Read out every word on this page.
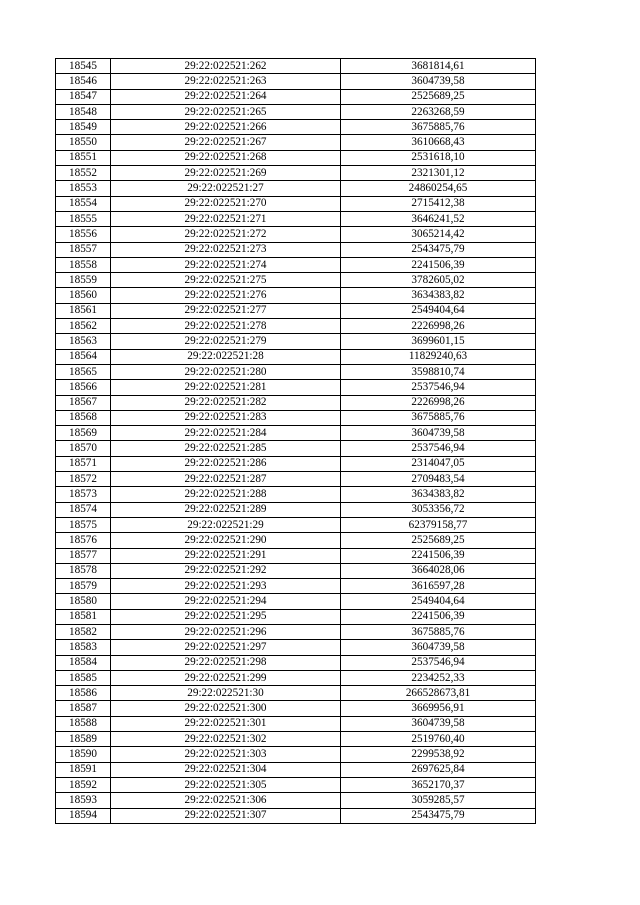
18545	29:22:022521:262	3681814,61
18546	29:22:022521:263	3604739,58
18547	29:22:022521:264	2525689,25
18548	29:22:022521:265	2263268,59
18549	29:22:022521:266	3675885,76
18550	29:22:022521:267	3610668,43
18551	29:22:022521:268	2531618,10
18552	29:22:022521:269	2321301,12
18553	29:22:022521:27	24860254,65
18554	29:22:022521:270	2715412,38
18555	29:22:022521:271	3646241,52
18556	29:22:022521:272	3065214,42
18557	29:22:022521:273	2543475,79
18558	29:22:022521:274	2241506,39
18559	29:22:022521:275	3782605,02
18560	29:22:022521:276	3634383,82
18561	29:22:022521:277	2549404,64
18562	29:22:022521:278	2226998,26
18563	29:22:022521:279	3699601,15
18564	29:22:022521:28	11829240,63
18565	29:22:022521:280	3598810,74
18566	29:22:022521:281	2537546,94
18567	29:22:022521:282	2226998,26
18568	29:22:022521:283	3675885,76
18569	29:22:022521:284	3604739,58
18570	29:22:022521:285	2537546,94
18571	29:22:022521:286	2314047,05
18572	29:22:022521:287	2709483,54
18573	29:22:022521:288	3634383,82
18574	29:22:022521:289	3053356,72
18575	29:22:022521:29	62379158,77
18576	29:22:022521:290	2525689,25
18577	29:22:022521:291	2241506,39
18578	29:22:022521:292	3664028,06
18579	29:22:022521:293	3616597,28
18580	29:22:022521:294	2549404,64
18581	29:22:022521:295	2241506,39
18582	29:22:022521:296	3675885,76
18583	29:22:022521:297	3604739,58
18584	29:22:022521:298	2537546,94
18585	29:22:022521:299	2234252,33
18586	29:22:022521:30	266528673,81
18587	29:22:022521:300	3669956,91
18588	29:22:022521:301	3604739,58
18589	29:22:022521:302	2519760,40
18590	29:22:022521:303	2299538,92
18591	29:22:022521:304	2697625,84
18592	29:22:022521:305	3652170,37
18593	29:22:022521:306	3059285,57
18594	29:22:022521:307	2543475,79
